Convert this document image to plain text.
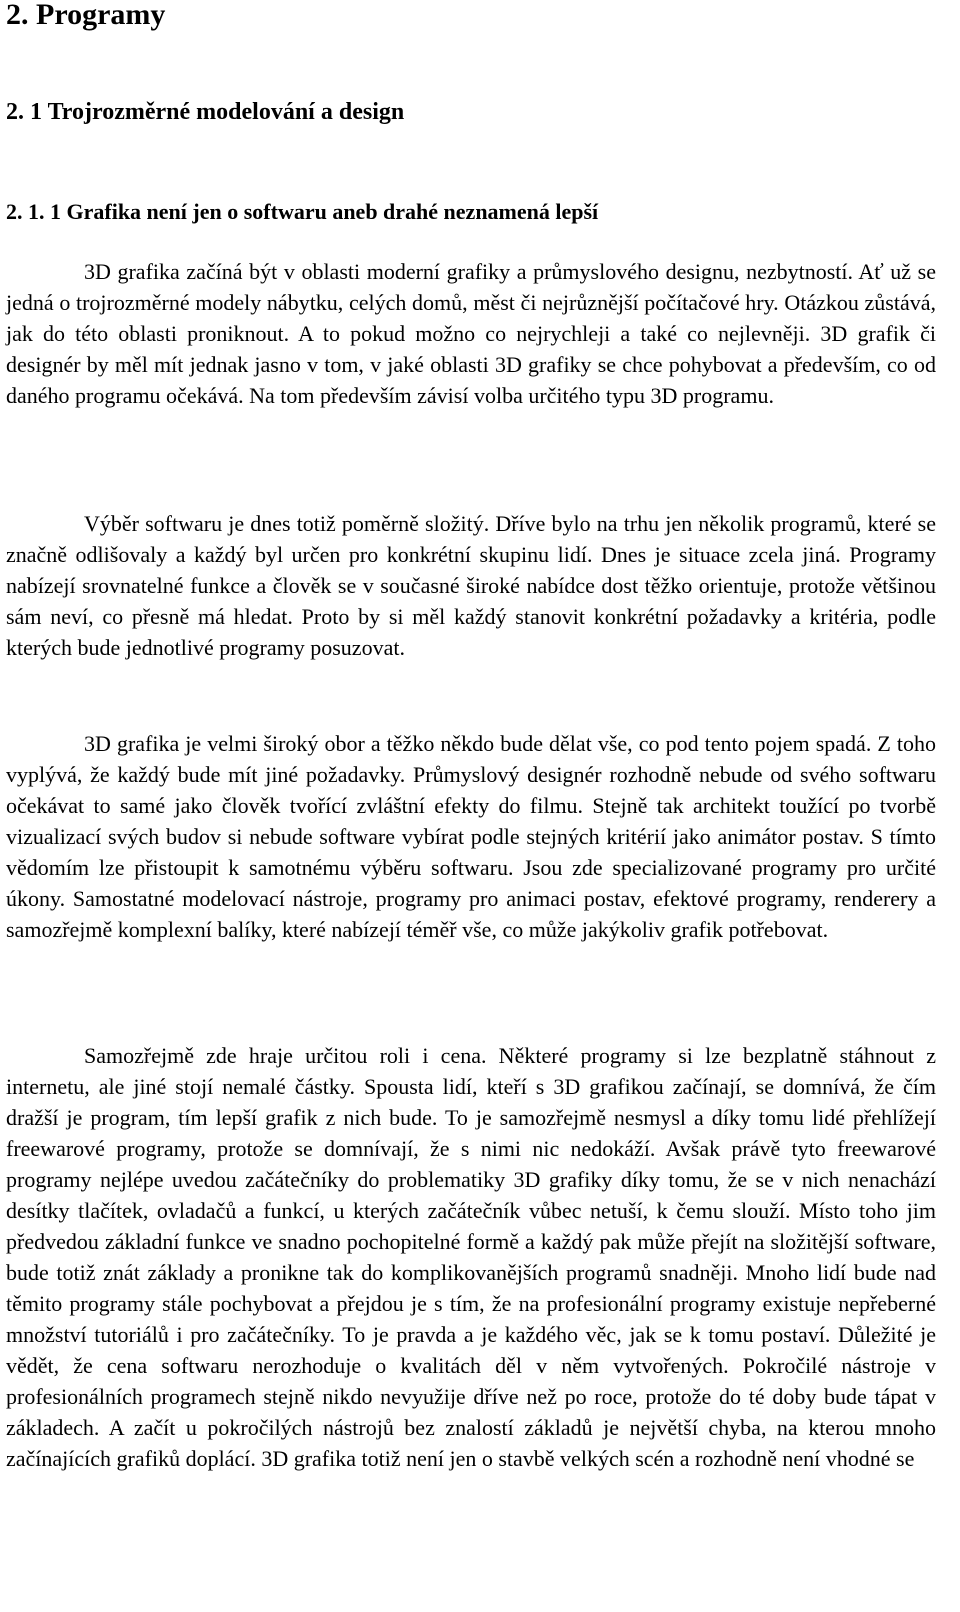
2. Programy
2. 1 Trojrozměrné modelování a design
2. 1. 1 Grafika není jen o softwaru aneb drahé neznamená lepší

3D grafika začíná být v oblasti moderní grafiky a průmyslového designu, nezbytností. Ať už se jedná o trojrozměrné modely nábytku, celých domů, měst či nejrůznější počítačové hry. Otázkou zůstává, jak do této oblasti proniknout. A to pokud možno co nejrychleji a také co nejlevněji. 3D grafik či designér by měl mít jednak jasno v tom, v jaké oblasti 3D grafiky se chce pohybovat a především, co od daného programu očekává. Na tom především závisí volba určitého typu 3D programu.

Výběr softwaru je dnes totiž poměrně složitý. Dříve bylo na trhu jen několik programů, které se značně odlišovaly a každý byl určen pro konkrétní skupinu lidí. Dnes je situace zcela jiná. Programy nabízejí srovnatelné funkce a člověk se v současné široké nabídce dost těžko orientuje, protože většinou sám neví, co přesně má hledat. Proto by si měl každý stanovit konkrétní požadavky a kritéria, podle kterých bude jednotlivé programy posuzovat.

3D grafika je velmi široký obor a těžko někdo bude dělat vše, co pod tento pojem spadá. Z toho vyplývá, že každý bude mít jiné požadavky. Průmyslový designér rozhodně nebude od svého softwaru očekávat to samé jako člověk tvořící zvláštní efekty do filmu. Stejně tak architekt toužící po tvorbě vizualizací svých budov si nebude software vybírat podle stejných kritérií jako animátor postav. S tímto vědomím lze přistoupit k samotnému výběru softwaru. Jsou zde specializované programy pro určité úkony. Samostatné modelovací nástroje, programy pro animaci postav, efektové programy, renderery a samozřejmě komplexní balíky, které nabízejí téměř vše, co může jakýkoliv grafik potřebovat.

Samozřejmě zde hraje určitou roli i cena. Některé programy si lze bezplatně stáhnout z internetu, ale jiné stojí nemalé částky. Spousta lidí, kteří s 3D grafikou začínají, se domnívá, že čím dražší je program, tím lepší grafik z nich bude. To je samozřejmě nesmysl a díky tomu lidé přehlížejí freewarové programy, protože se domnívají, že s nimi nic nedokáží. Avšak právě tyto freewarové programy nejlépe uvedou začátečníky do problematiky 3D grafiky díky tomu, že se v nich nenachází desítky tlačítek, ovladačů a funkcí, u kterých začátečník vůbec netuší, k čemu slouží. Místo toho jim předvedou základní funkce ve snadno pochopitelné formě a každý pak může přejít na složitější software, bude totiž znát základy a pronikne tak do komplikovanějších programů snadněji. Mnoho lidí bude nad těmito programy stále pochybovat a přejdou je s tím, že na profesionální programy existuje nepřeberné množství tutoriálů i pro začátečníky. To je pravda a je každého věc, jak se k tomu postaví. Důležité je vědět, že cena softwaru nerozhoduje o kvalitách děl v něm vytvořených. Pokročilé nástroje v profesionálních programech stejně nikdo nevyužije dříve než po roce, protože do té doby bude tápat v základech. A začít u pokročilých nástrojů bez znalostí základů je největší chyba, na kterou mnoho začínajících grafiků doplácí. 3D grafika totiž není jen o stavbě velkých scén a rozhodně není vhodné se
